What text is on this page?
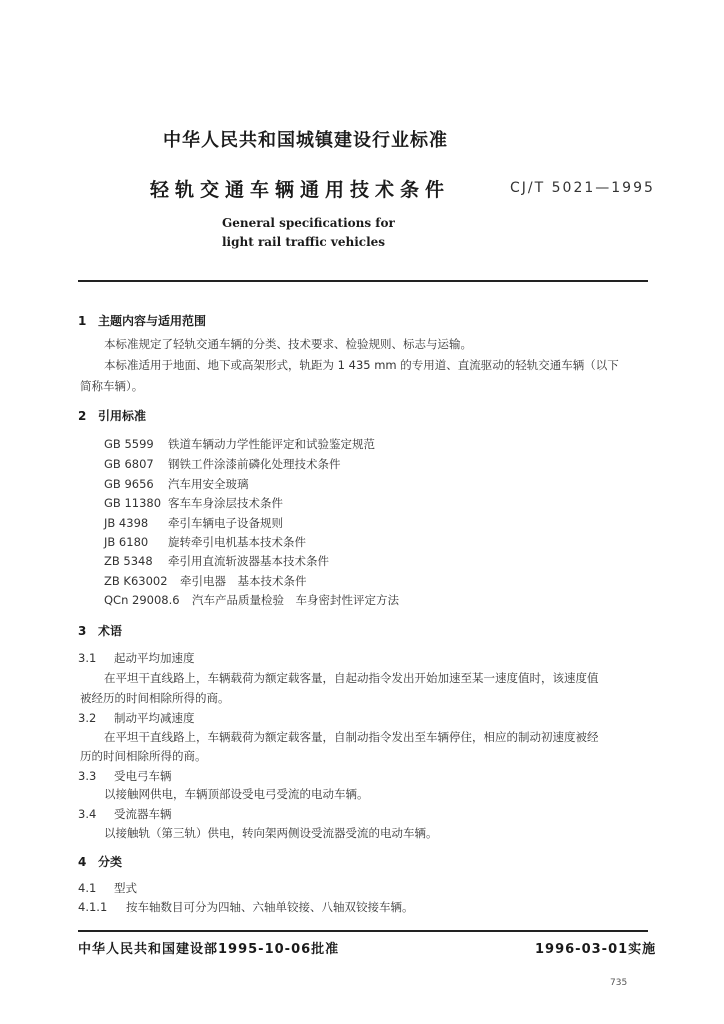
中华人民共和国城镇建设行业标准
轻轨交通车辆通用技术条件	CJ/T 5021—1995
General specifications for
light rail traffic vehicles
1 主题内容与适用范围
本标准规定了轻轨交通车辆的分类、技术要求、检验规则、标志与运输。
本标准适用于地面、地下或高架形式，轨距为 1 435 mm 的专用道、直流驱动的轻轨交通车辆（以下
简称车辆）。
2 引用标准
GB 5599 铁道车辆动力学性能评定和试验鉴定规范
GB 6807 钢铁工件涂漆前磷化处理技术条件
GB 9656 汽车用安全玻璃
GB 11380 客车车身涂层技术条件
JB 4398 牵引车辆电子设备规则
JB 6180 旋转牵引电机基本技术条件
ZB 5348 牵引用直流斩波器基本技术条件
ZB K63002 牵引电器　基本技术条件
QCn 29008.6 汽车产品质量检验　车身密封性评定方法
3 术语
3.1 起动平均加速度
在平坦干直线路上，车辆载荷为额定载客量，自起动指令发出开始加速至某一速度值时，该速度值
被经历的时间相除所得的商。
3.2 制动平均减速度
在平坦干直线路上，车辆载荷为额定载客量，自制动指令发出至车辆停住，相应的制动初速度被经
历的时间相除所得的商。
3.3 受电弓车辆
以接触网供电，车辆顶部设受电弓受流的电动车辆。
3.4 受流器车辆
以接触轨（第三轨）供电，转向架两侧设受流器受流的电动车辆。
4 分类
4.1 型式
4.1.1 按车轴数目可分为四轴、六轴单铰接、八轴双铰接车辆。
中华人民共和国建设部1995-10-06批准	1996-03-01实施
735
